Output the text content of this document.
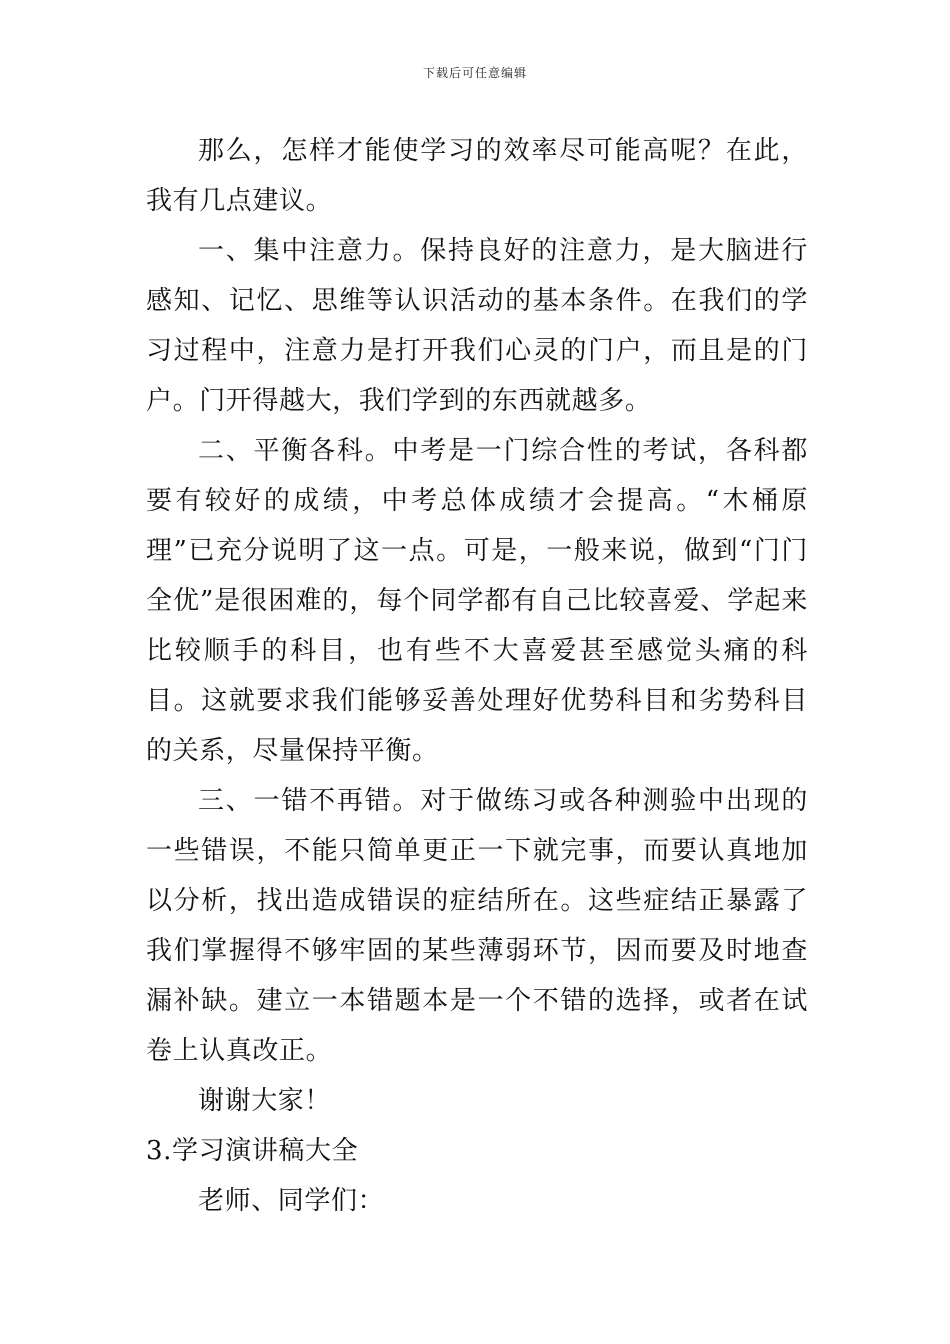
下载后可任意编辑

那么，怎样才能使学习的效率尽可能高呢？在此，我有几点建议。

一、集中注意力。保持良好的注意力，是大脑进行感知、记忆、思维等认识活动的基本条件。在我们的学习过程中，注意力是打开我们心灵的门户，而且是的门户。门开得越大，我们学到的东西就越多。

二、平衡各科。中考是一门综合性的考试，各科都要有较好的成绩，中考总体成绩才会提高。“木桶原理”已充分说明了这一点。可是，一般来说，做到“门门全优”是很困难的，每个同学都有自己比较喜爱、学起来比较顺手的科目，也有些不大喜爱甚至感觉头痛的科目。这就要求我们能够妥善处理好优势科目和劣势科目的关系，尽量保持平衡。

三、一错不再错。对于做练习或各种测验中出现的一些错误，不能只简单更正一下就完事，而要认真地加以分析，找出造成错误的症结所在。这些症结正暴露了我们掌握得不够牢固的某些薄弱环节，因而要及时地查漏补缺。建立一本错题本是一个不错的选择，或者在试卷上认真改正。

谢谢大家！

3.学习演讲稿大全

老师、同学们：
